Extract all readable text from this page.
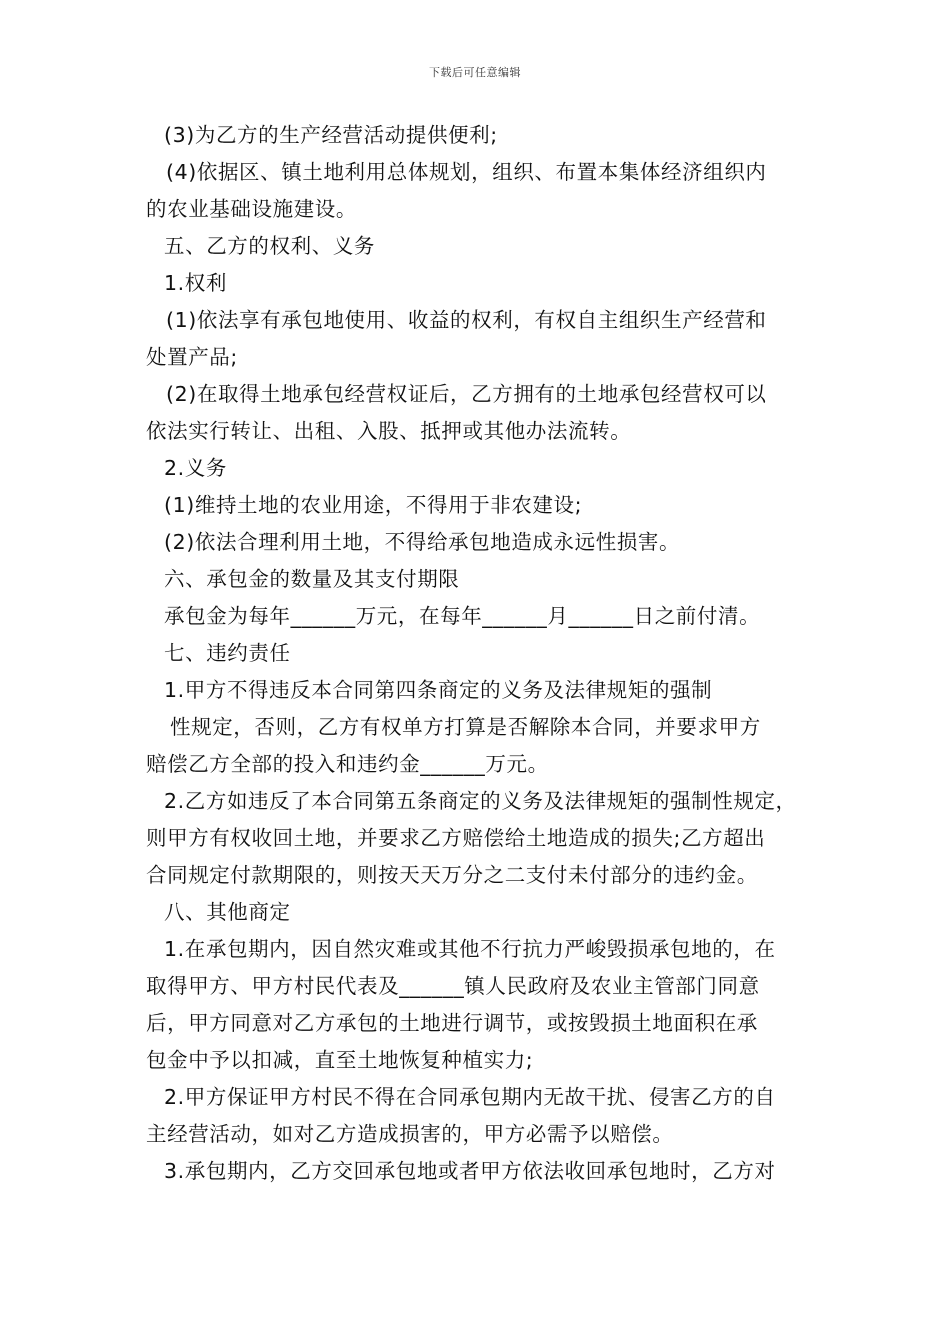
下载后可任意编辑
(3)为乙方的生产经营活动提供便利;
(4)依据区、镇土地利用总体规划，组织、布置本集体经济组织内
的农业基础设施建设。
五、乙方的权利、义务
1.权利
(1)依法享有承包地使用、收益的权利，有权自主组织生产经营和
处置产品;
(2)在取得土地承包经营权证后，乙方拥有的土地承包经营权可以
依法实行转让、出租、入股、抵押或其他办法流转。
2.义务
(1)维持土地的农业用途，不得用于非农建设;
(2)依法合理利用土地，不得给承包地造成永远性损害。
六、承包金的数量及其支付期限
承包金为每年______万元，在每年______月______日之前付清。
七、违约责任
1.甲方不得违反本合同第四条商定的义务及法律规矩的强制
性规定，否则，乙方有权单方打算是否解除本合同，并要求甲方
赔偿乙方全部的投入和违约金______万元。
2.乙方如违反了本合同第五条商定的义务及法律规矩的强制性规定，
则甲方有权收回土地，并要求乙方赔偿给土地造成的损失;乙方超出
合同规定付款期限的，则按天天万分之二支付未付部分的违约金。
八、其他商定
1.在承包期内，因自然灾难或其他不行抗力严峻毁损承包地的，在
取得甲方、甲方村民代表及______镇人民政府及农业主管部门同意
后，甲方同意对乙方承包的土地进行调节，或按毁损土地面积在承
包金中予以扣减，直至土地恢复种植实力;
2.甲方保证甲方村民不得在合同承包期内无故干扰、侵害乙方的自
主经营活动，如对乙方造成损害的，甲方必需予以赔偿。
3.承包期内，乙方交回承包地或者甲方依法收回承包地时，乙方对
